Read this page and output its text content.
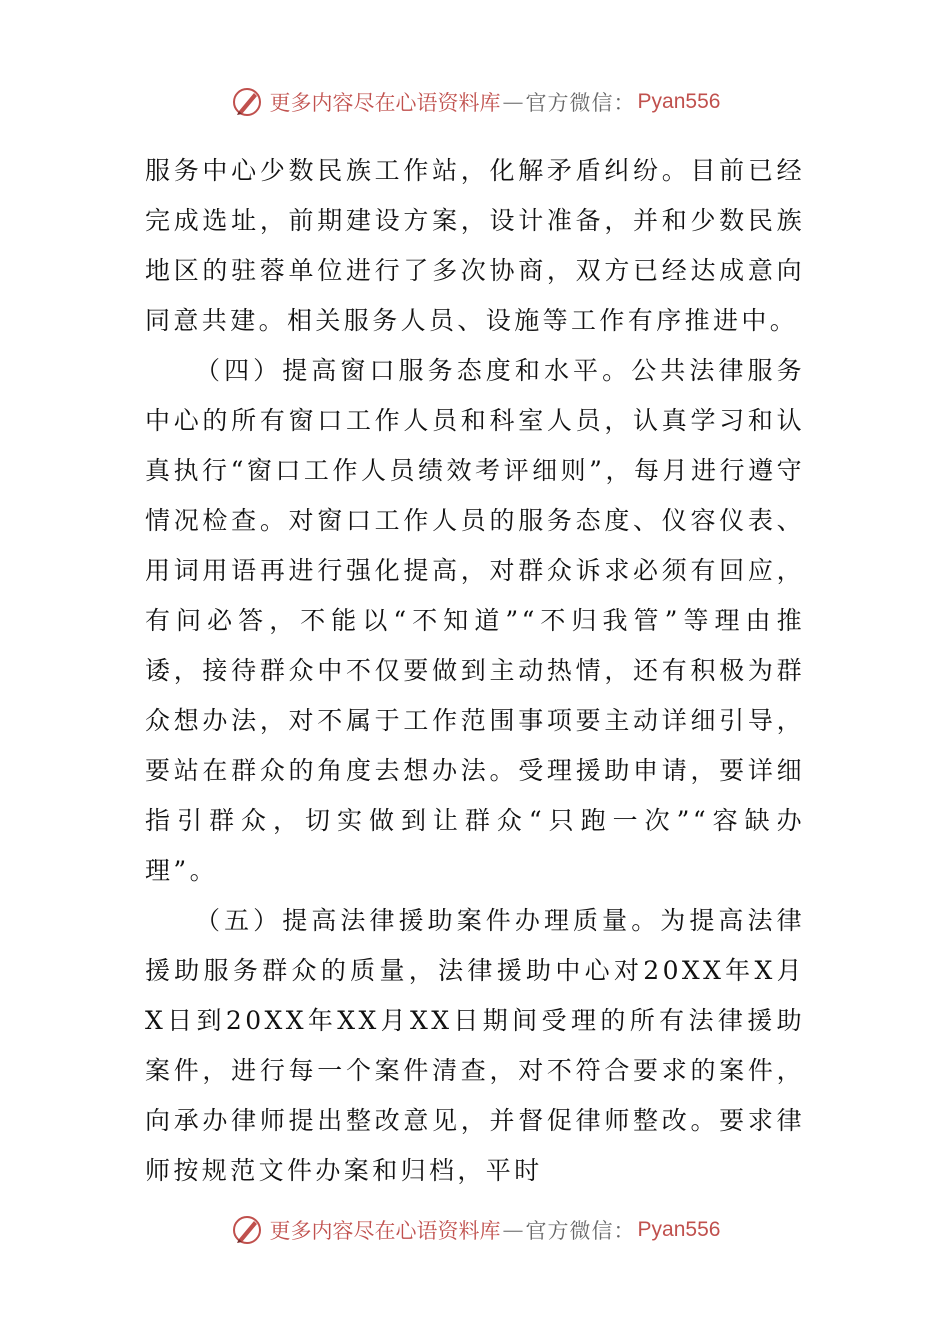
更多内容尽在心语资料库 — 官方微信： Pyan556

服务中心少数民族工作站，化解矛盾纠纷。目前已经完成选址，前期建设方案，设计准备，并和少数民族地区的驻蓉单位进行了多次协商，双方已经达成意向同意共建。相关服务人员、设施等工作有序推进中。

（四）提高窗口服务态度和水平。公共法律服务中心的所有窗口工作人员和科室人员，认真学习和认真执行“窗口工作人员绩效考评细则”，每月进行遵守情况检查。对窗口工作人员的服务态度、仪容仪表、用词用语再进行强化提高，对群众诉求必须有回应，有问必答，不能以“不知道”“不归我管”等理由推诿，接待群众中不仅要做到主动热情，还有积极为群众想办法，对不属于工作范围事项要主动详细引导，要站在群众的角度去想办法。受理援助申请，要详细指引群众，切实做到让群众“只跑一次”“容缺办理”。

（五）提高法律援助案件办理质量。为提高法律援助服务群众的质量，法律援助中心对20XX年X月X日到20XX年XX月XX日期间受理的所有法律援助案件，进行每一个案件清查，对不符合要求的案件，向承办律师提出整改意见，并督促律师整改。要求律师按规范文件办案和归档，平时

更多内容尽在心语资料库 — 官方微信： Pyan556
